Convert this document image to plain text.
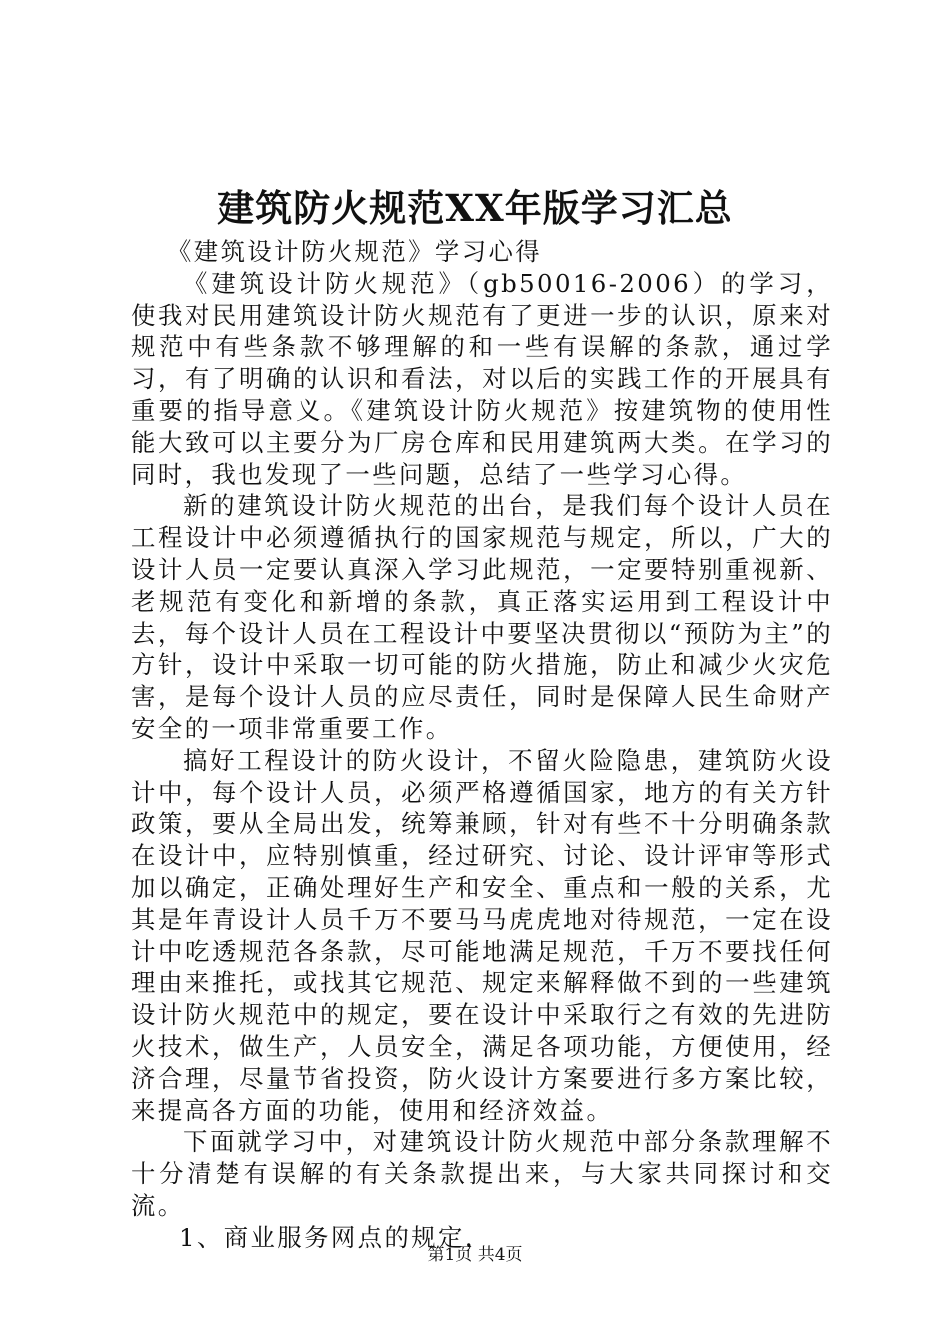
建筑防火规范XX年版学习汇总

《建筑设计防火规范》学习心得

《建筑设计防火规范》（gb50016-2006）的学习，使我对民用建筑设计防火规范有了更进一步的认识，原来对规范中有些条款不够理解的和一些有误解的条款，通过学习，有了明确的认识和看法，对以后的实践工作的开展具有重要的指导意义。《建筑设计防火规范》按建筑物的使用性能大致可以主要分为厂房仓库和民用建筑两大类。在学习的同时，我也发现了一些问题，总结了一些学习心得。

新的建筑设计防火规范的出台，是我们每个设计人员在工程设计中必须遵循执行的国家规范与规定，所以，广大的设计人员一定要认真深入学习此规范，一定要特别重视新、老规范有变化和新增的条款，真正落实运用到工程设计中去，每个设计人员在工程设计中要坚决贯彻以“预防为主”的方针，设计中采取一切可能的防火措施，防止和减少火灾危害，是每个设计人员的应尽责任，同时是保障人民生命财产安全的一项非常重要工作。

搞好工程设计的防火设计，不留火险隐患，建筑防火设计中，每个设计人员，必须严格遵循国家，地方的有关方针政策，要从全局出发，统筹兼顾，针对有些不十分明确条款在设计中，应特别慎重，经过研究、讨论、设计评审等形式加以确定，正确处理好生产和安全、重点和一般的关系，尤其是年青设计人员千万不要马马虎虎地对待规范，一定在设计中吃透规范各条款，尽可能地满足规范，千万不要找任何理由来推托，或找其它规范、规定来解释做不到的一些建筑设计防火规范中的规定，要在设计中采取行之有效的先进防火技术，做生产，人员安全，满足各项功能，方便使用，经济合理，尽量节省投资，防火设计方案要进行多方案比较，来提高各方面的功能，使用和经济效益。

下面就学习中，对建筑设计防火规范中部分条款理解不十分清楚有误解的有关条款提出来，与大家共同探讨和交流。

1、商业服务网点的规定，

第1页 共4页
